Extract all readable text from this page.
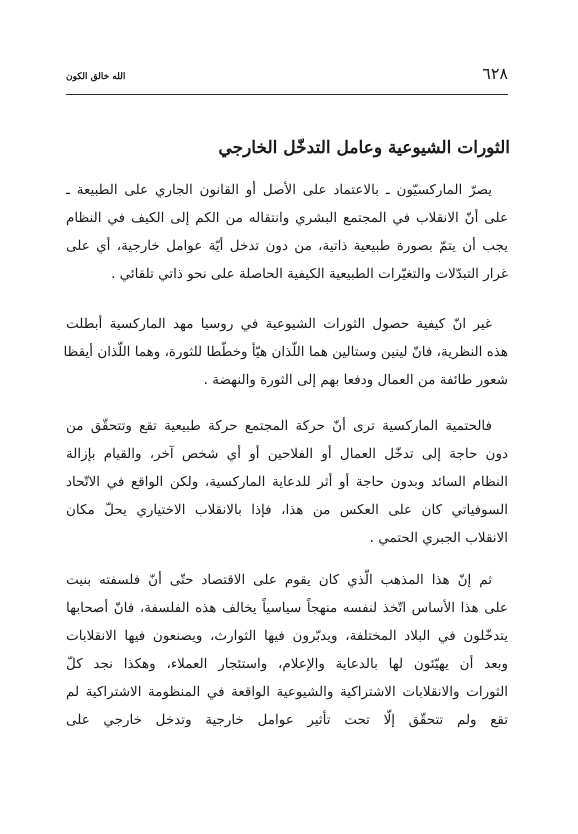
٦٢٨
الله خالق الكون
الثورات الشيوعية وعامل التدخّل الخارجي
يصرّ الماركسيّون ـ بالاعتماد على الأصل أو القانون الجاري على الطبيعة ـ
على أنّ الانقلاب في المجتمع البشري وانتقاله من الكم إلى الكيف في النظام
يجب أن يتمّ بصورة طبيعية ذاتية، من دون تدخل أيّة عوامل خارجية، أي على
غرار التبدّلات والتغيّرات الطبيعية الكيفية الحاصلة على نحو ذاتي تلقائي .
غير انّ كيفية حصول الثورات الشيوعية في روسيا مهد الماركسية أبطلت
هذه النظرية، فانّ لينين وستالين هما اللّذان هيّأ وخطّطا للثورة، وهما اللّذان أيقظا
شعور طائفة من العمال ودفعا بهم إلى الثورة والنهضة .
فالحتمية الماركسية ترى أنّ حركة المجتمع حركة طبيعية تقع وتتحقّق من
دون حاجة إلى تدخّل العمال أو الفلاحين أو أي شخص آخر، والقيام بإزالة
النظام السائد وبدون حاجة أو أثر للدعاية الماركسية، ولكن الواقع في الاتّحاد
السوفياتي كان على العكس من هذا، فإذا بالانقلاب الاختياري يحلّ مكان
الانقلاب الجبري الحتمي .
ثم إنّ هذا المذهب الّذي كان يقوم على الاقتصاد حتّى أنّ فلسفته بنيت
على هذا الأساس اتّخذ لنفسه منهجاً سياسياً يخالف هذه الفلسفة، فانّ أصحابها
يتدخّلون في البلاد المختلفة، ويدبّرون فيها الثوارث، ويصنعون فيها الانقلابات
وبعد أن يهيّئون لها بالدعاية والإعلام، واستئجار العملاء، وهكذا نجد كلّ
الثورات والانقلابات الاشتراكية والشيوعية الواقعة في المنظومة الاشتراكية لم
تقع ولم تتحقّق إلّا تحت تأثير عوامل خارجية وتدخل خارجي على
